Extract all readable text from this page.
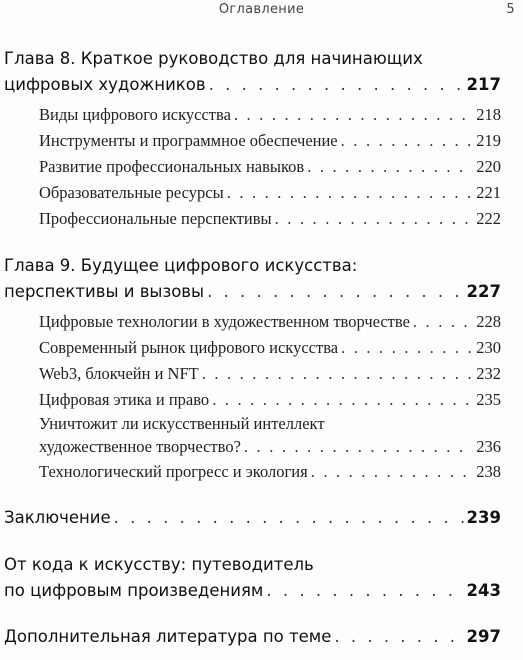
Оглавление	5
Глава 8. Краткое руководство для начинающих
цифровых художников . . .	217
Виды цифрового искусства . . .	218
Инструменты и программное обеспечение . . .	219
Развитие профессиональных навыков . . .	220
Образовательные ресурсы . . .	221
Профессиональные перспективы . . .	222
Глава 9. Будущее цифрового искусства:
перспективы и вызовы . . .	227
Цифровые технологии в художественном творчестве . . .	228
Современный рынок цифрового искусства . . .	230
Web3, блокчейн и NFT . . .	232
Цифровая этика и право . . .	235
Уничтожит ли искусственный интеллект
художественное творчество? . . .	236
Технологический прогресс и экология . . .	238
Заключение . . .	239
От кода к искусству: путеводитель
по цифровым произведениям . . .	243
Дополнительная литература по теме . . .	297
